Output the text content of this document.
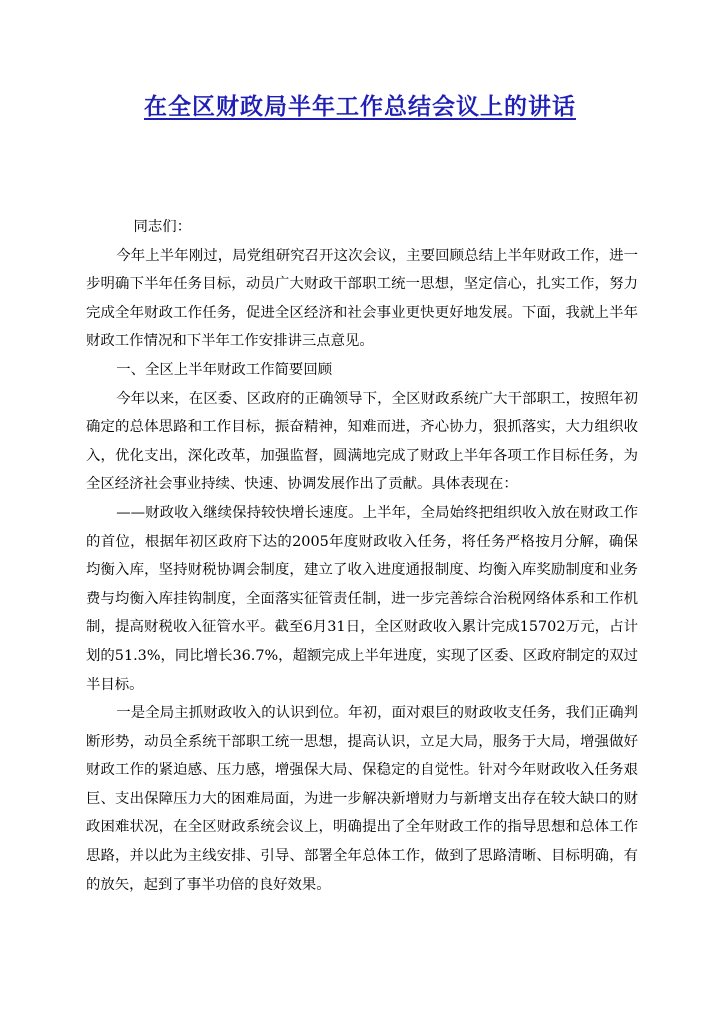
在全区财政局半年工作总结会议上的讲话

同志们：

今年上半年刚过，局党组研究召开这次会议，主要回顾总结上半年财政工作，进一步明确下半年任务目标，动员广大财政干部职工统一思想，坚定信心，扎实工作，努力完成全年财政工作任务，促进全区经济和社会事业更快更好地发展。下面，我就上半年财政工作情况和下半年工作安排讲三点意见。

一、全区上半年财政工作简要回顾

今年以来，在区委、区政府的正确领导下，全区财政系统广大干部职工，按照年初确定的总体思路和工作目标，振奋精神，知难而进，齐心协力，狠抓落实，大力组织收入，优化支出，深化改革，加强监督，圆满地完成了财政上半年各项工作目标任务，为全区经济社会事业持续、快速、协调发展作出了贡献。具体表现在：

——财政收入继续保持较快增长速度。上半年，全局始终把组织收入放在财政工作的首位，根据年初区政府下达的2005年度财政收入任务，将任务严格按月分解，确保均衡入库，坚持财税协调会制度，建立了收入进度通报制度、均衡入库奖励制度和业务费与均衡入库挂钩制度，全面落实征管责任制，进一步完善综合治税网络体系和工作机制，提高财税收入征管水平。截至6月31日，全区财政收入累计完成15702万元，占计划的51.3%，同比增长36.7%，超额完成上半年进度，实现了区委、区政府制定的双过半目标。

一是全局主抓财政收入的认识到位。年初，面对艰巨的财政收支任务，我们正确判断形势，动员全系统干部职工统一思想，提高认识，立足大局，服务于大局，增强做好财政工作的紧迫感、压力感，增强保大局、保稳定的自觉性。针对今年财政收入任务艰巨、支出保障压力大的困难局面，为进一步解决新增财力与新增支出存在较大缺口的财政困难状况，在全区财政系统会议上，明确提出了全年财政工作的指导思想和总体工作思路，并以此为主线安排、引导、部署全年总体工作，做到了思路清晰、目标明确，有的放矢，起到了事半功倍的良好效果。
